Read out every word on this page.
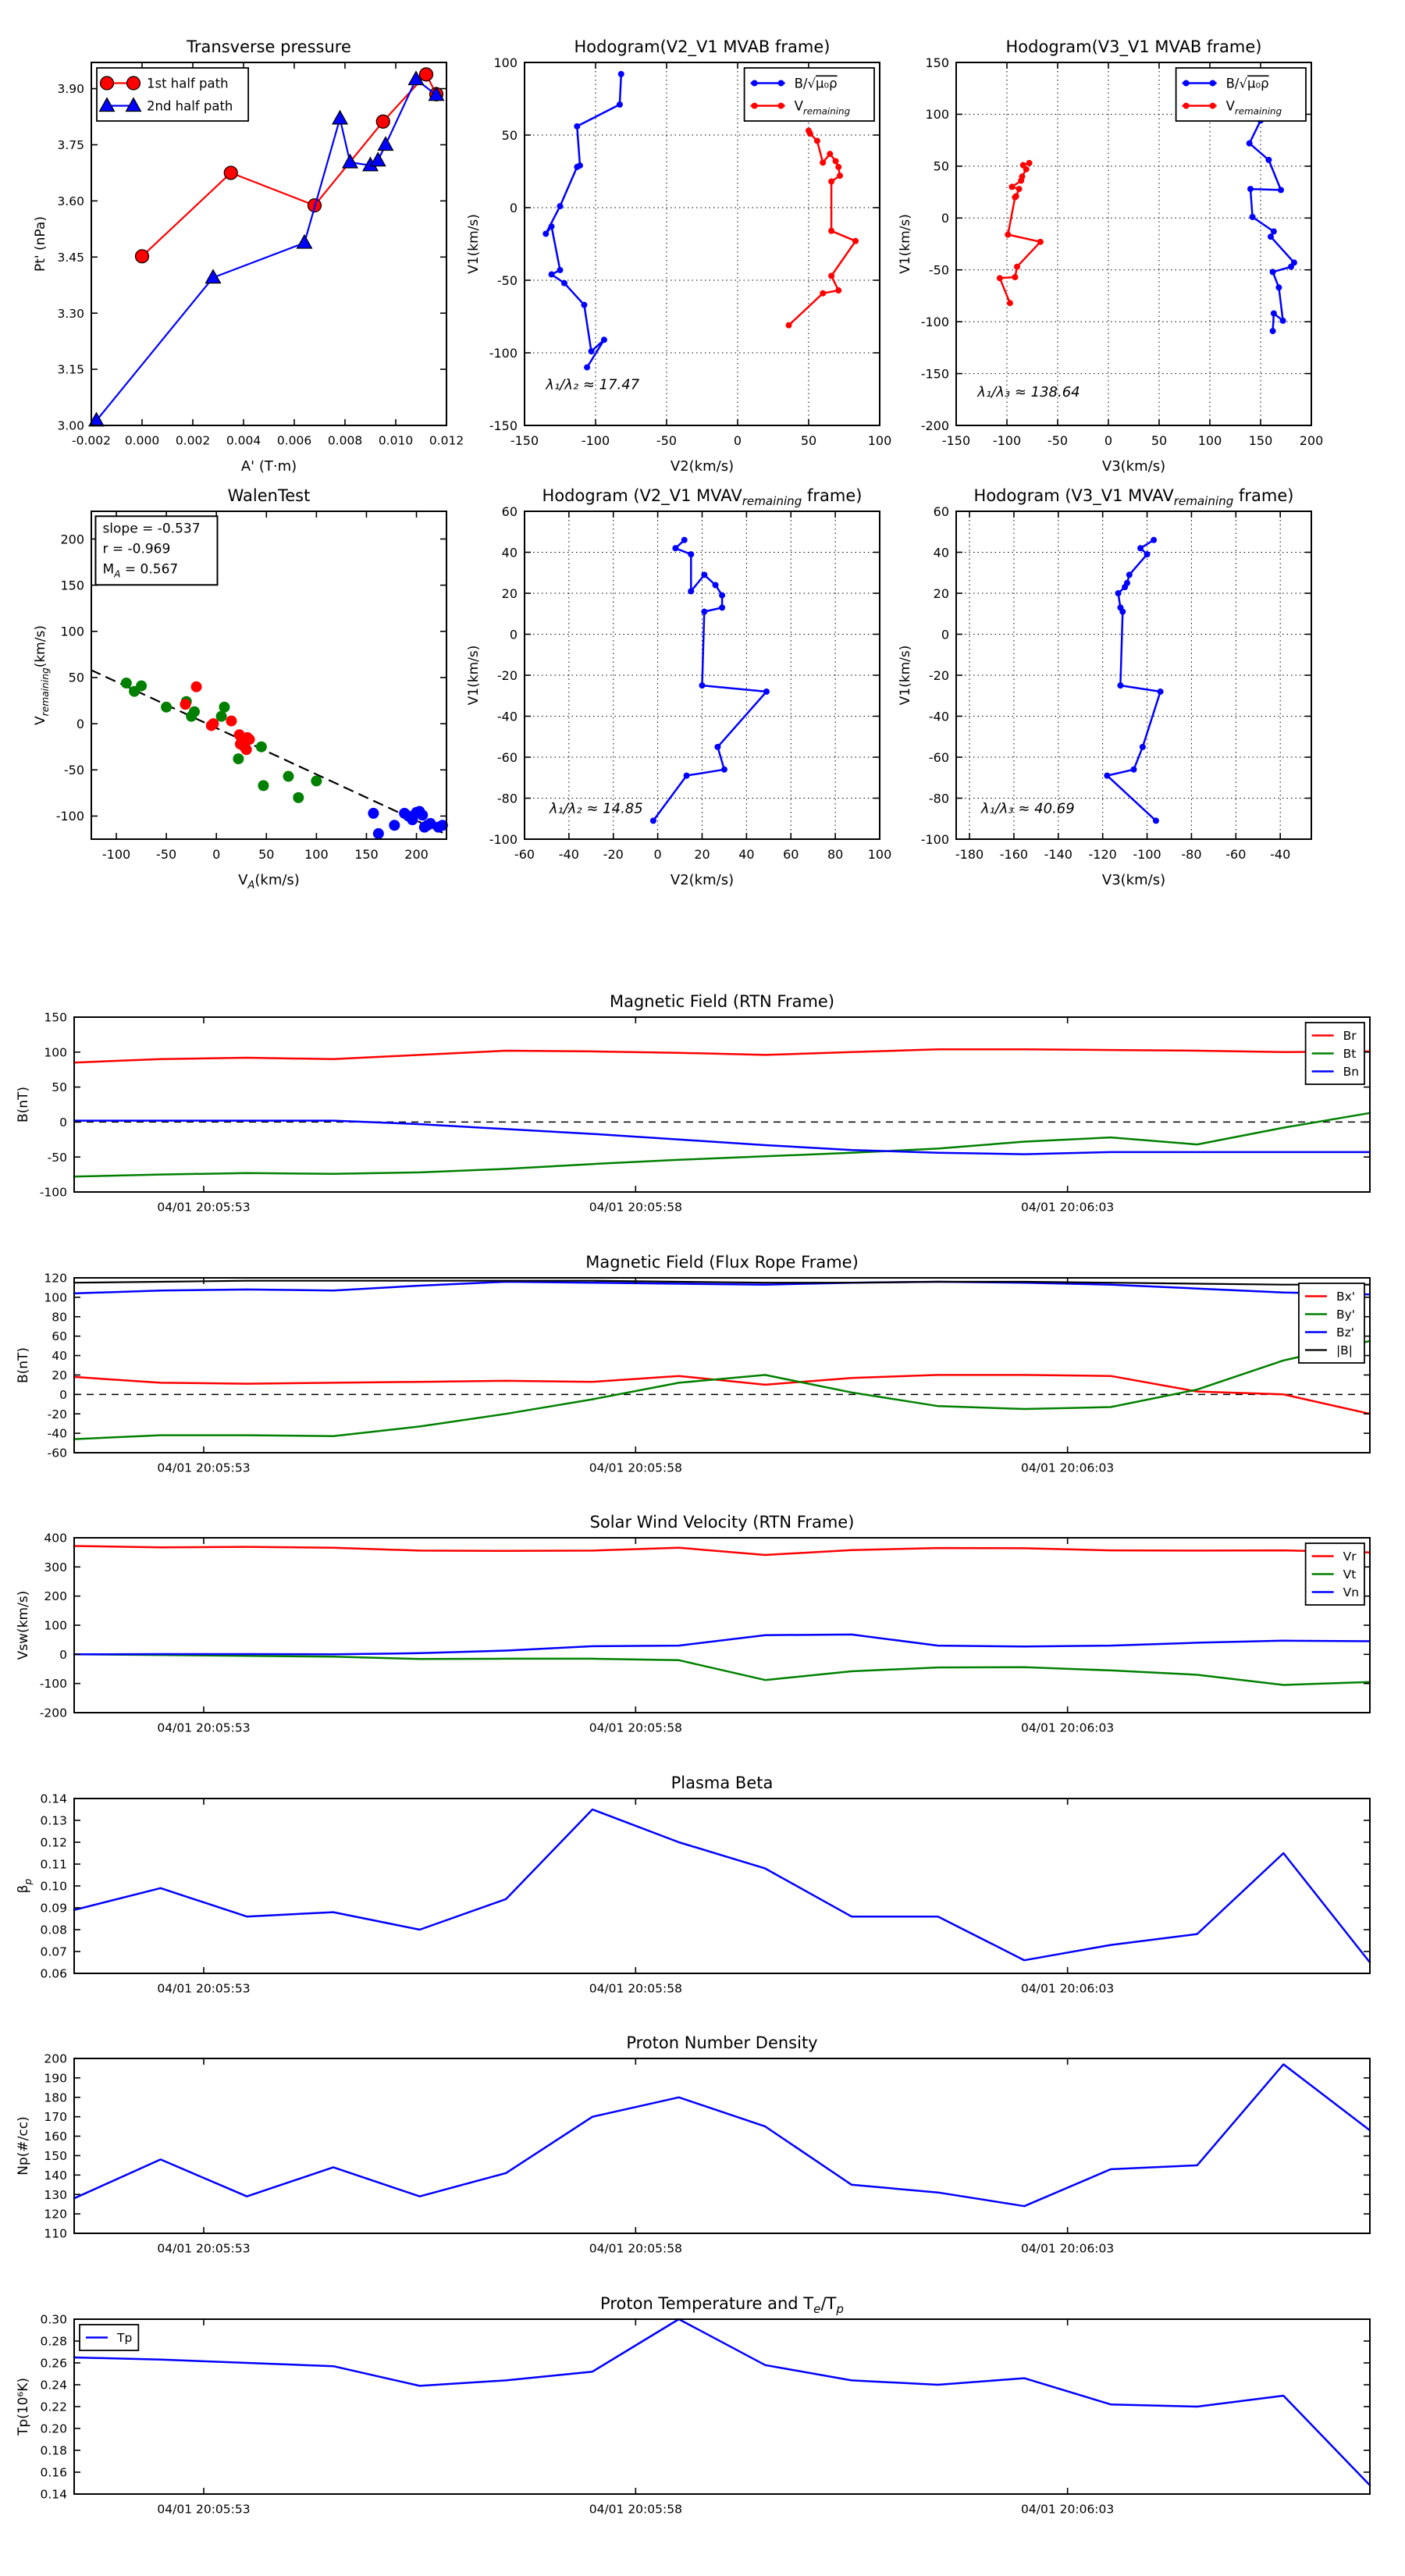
-0.002 0.000 0.002 0.004 0.006 0.008 0.010 0.012
3.00
3.15
3.30
3.45
3.60
3.75
3.90
Transverse pressure
A' (T·m)
Pt' (nPa)
1st half path
2nd half path
-150	-100	-50	0	50	100
-150
-100
-50
0
50
100
Hodogram(V2_V1 MVAB frame)
V2(km/s)
V1(km/s)
B/√μ₀ρ
$V_{remaining}$
λ₁/λ₂ ≈ 17.47
-150 -100 -50	0	50 100 150 200
-200
-150
-100
-50
0
50
100
150
Hodogram(V3_V1 MVAB frame)
V3(km/s)
V1(km/s)
B/√μ₀ρ
$V_{remaining}$
λ₁/λ₃ ≈ 138.64
-100 -50	0	50 100 150 200
-100
-50
0
50
100
150
200
WalenTest
$V_A(km/s)$
$V_{remaining}(km/s)$
slope = -0.537
r = -0.969
$M_A = 0.567$
-60 -40 -20 0	20 40 60 80 100
-100
-80
-60
-40
-20
0
20
40
60
Hodogram (V2_V1 $MVAV_{remaining}$ frame)
V2(km/s)
V1(km/s)
λ₁/λ₂ ≈ 14.85
-180 -160 -140 -120 -100 -80 -60 -40
-100
-80
-60
-40
-20
0
20
40
60
Hodogram (V3_V1 $MVAV_{remaining}$ frame)
V3(km/s)
V1(km/s)
λ₁/λ₃ ≈ 40.69
04/01 20:05:53	04/01 20:05:58	04/01 20:06:03
-100
-50
0
50
100
150
Magnetic Field (RTN Frame)
B(nT)
Br
Bt
Bn
04/01 20:05:53	04/01 20:05:58	04/01 20:06:03
-60
-40
-20
0
20
40
60
80
100
120
Magnetic Field (Flux Rope Frame)
B(nT)
Bx'
By'
Bz'
|B|
04/01 20:05:53	04/01 20:05:58	04/01 20:06:03
-200
-100
0
100
200
300
400
Solar Wind Velocity (RTN Frame)
Vsw(km/s)
Vr
Vt
Vn
04/01 20:05:53	04/01 20:05:58	04/01 20:06:03
0.06
0.07
0.08
0.09
0.10
0.11
0.12
0.13
0.14
Plasma Beta
$\beta_p$
04/01 20:05:53	04/01 20:05:58	04/01 20:06:03
110
120
130
140
150
160
170
180
190
200
Proton Number Density
Np(#/cc)
04/01 20:05:53	04/01 20:05:58	04/01 20:06:03
0.14
0.16
0.18
0.20
0.22
0.24
0.26
0.28
0.30
Proton Temperature and $T_e/T_p$
Tp(10⁶K)
Tp
